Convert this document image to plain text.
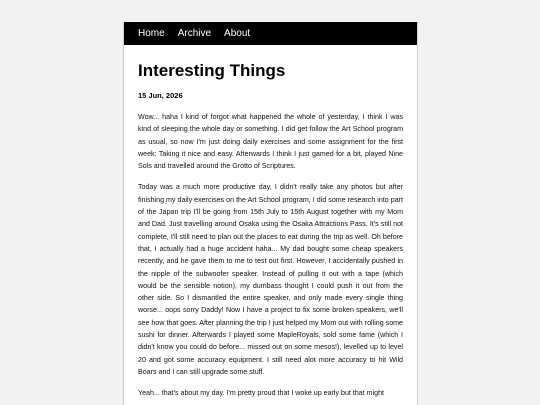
Home Archive About
Interesting Things
15 Jun, 2026

Wow... haha I kind of forgot what happened the whole of yesterday, I think I was kind of sleeping the whole day or something. I did get follow the Art School program as usual, so now I'm just doing daily exercises and some assignment for the first week; Taking it nice and easy. Afterwards I think I just gamed for a bit, played Nine Sols and travelled around the Grotto of Scriptures.

Today was a much more productive day, I didn't really take any photos but after finishing my daily exercises on the Art School program, I did some research into part of the Japan trip I'll be going from 15th July to 15th August together with my Mom and Dad. Just travelling around Osaka using the Osaka Attractions Pass. It's still not complete, I'll still need to plan out the places to eat during the trip as well. Oh before that, I actually had a huge accident haha... My dad bought some cheap speakers recently, and he gave them to me to test out first. However, I accidentally pushed in the nipple of the subwoofer speaker. Instead of pulling it out with a tape (which would be the sensible notion), my dumbass thought I could push it out from the other side. So I dismantled the entire speaker, and only made every single thing worse... oops sorry Daddy! Now I have a project to fix some broken speakers, we'll see how that goes. After planning the trip I just helped my Mom out with rolling some sushi for dinner. Afterwards I played some MapleRoyals, sold some fame (which I didn't know you could do before... missed out on some mesos!), levelled up to level 20 and got some accuracy equipment. I still need alot more accuracy to hit Wild Boars and I can still upgrade some stuff.

Yeah... that's about my day. I'm pretty proud that I woke up early but that might
